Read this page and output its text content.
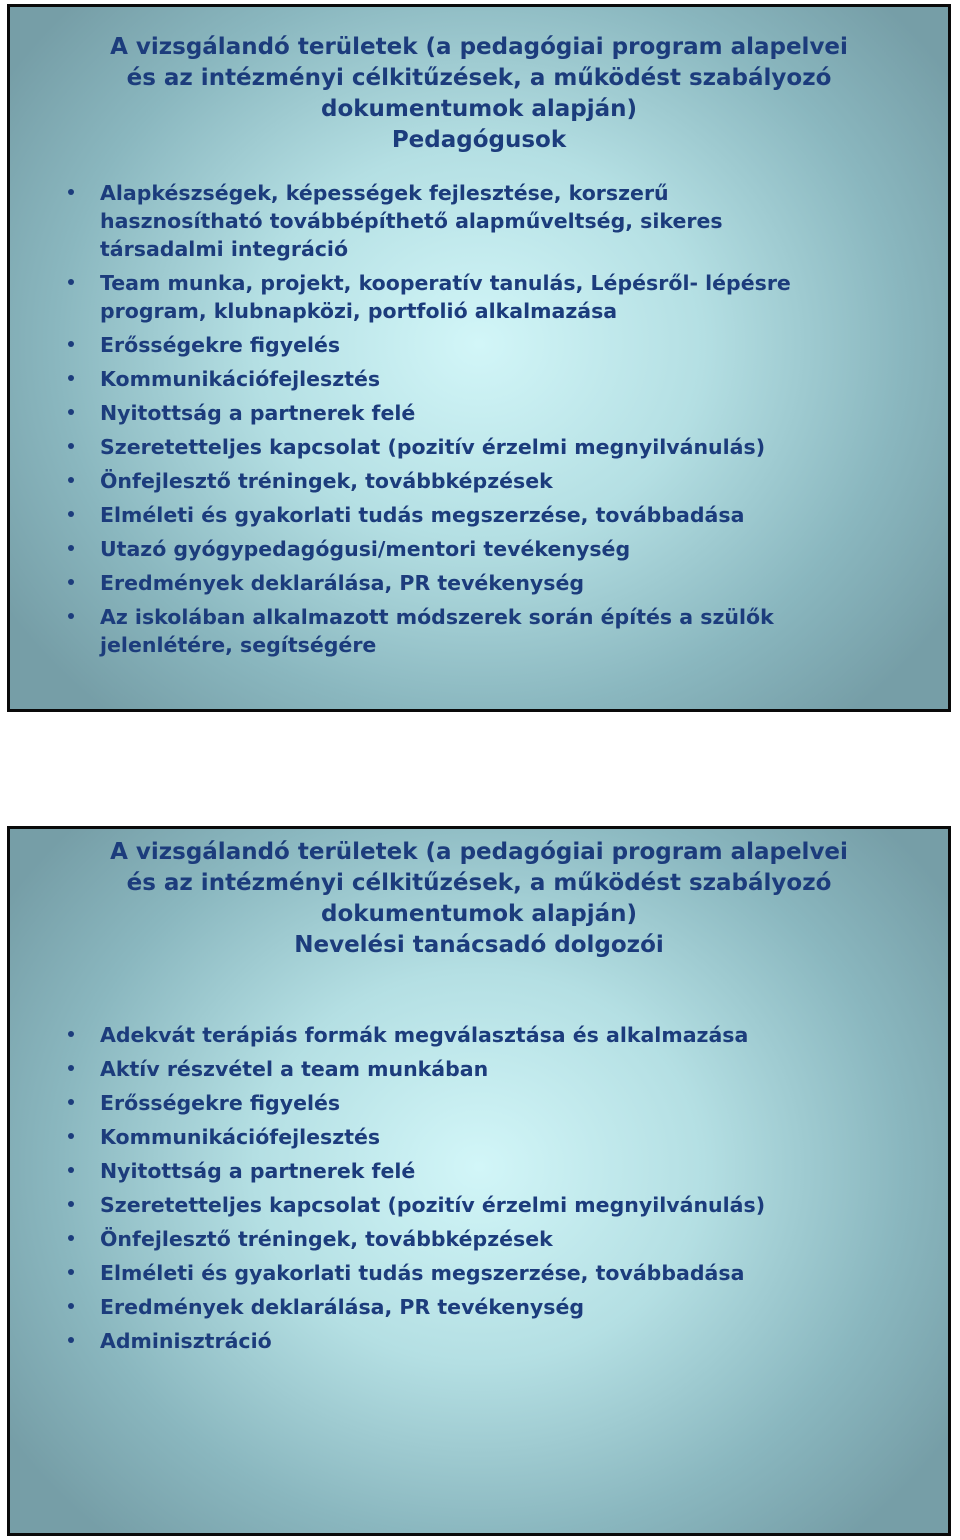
A vizsgálandó területek (a pedagógiai program alapelvei
és az intézményi célkitűzések, a működést szabályozó
dokumentumok alapján)
Pedagógusok
Alapkészségek, képességek fejlesztése, korszerű
hasznosítható továbbépíthető alapműveltség, sikeres
társadalmi integráció
Team munka, projekt, kooperatív tanulás, Lépésről- lépésre
program, klubnapközi, portfolió alkalmazása
Erősségekre figyelés
Kommunikációfejlesztés
Nyitottság a partnerek felé
Szeretetteljes kapcsolat (pozitív érzelmi megnyilvánulás)
Önfejlesztő tréningek, továbbképzések
Elméleti és gyakorlati tudás megszerzése, továbbadása
Utazó gyógypedagógusi/mentori tevékenység
Eredmények deklarálása, PR tevékenység
Az iskolában alkalmazott módszerek során építés a szülők
jelenlétére, segítségére
A vizsgálandó területek (a pedagógiai program alapelvei
és az intézményi célkitűzések, a működést szabályozó
dokumentumok alapján)
Nevelési tanácsadó dolgozói
Adekvát terápiás formák megválasztása és alkalmazása
Aktív részvétel a team munkában
Erősségekre figyelés
Kommunikációfejlesztés
Nyitottság a partnerek felé
Szeretetteljes kapcsolat (pozitív érzelmi megnyilvánulás)
Önfejlesztő tréningek, továbbképzések
Elméleti és gyakorlati tudás megszerzése, továbbadása
Eredmények deklarálása, PR tevékenység
Adminisztráció
